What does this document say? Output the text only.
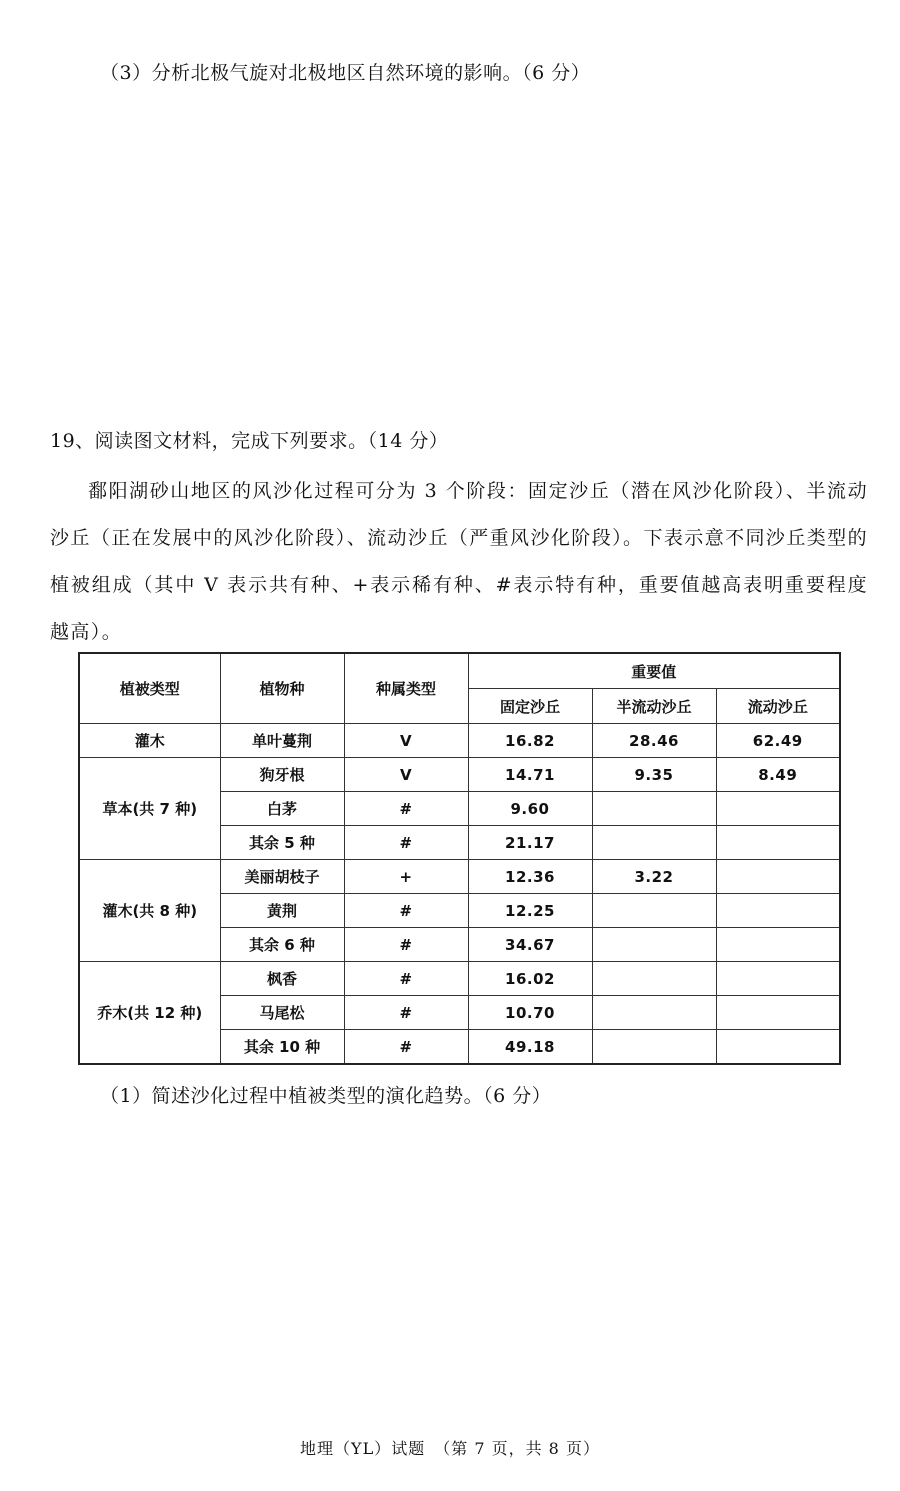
（3）分析北极气旋对北极地区自然环境的影响。（6 分）
19、阅读图文材料，完成下列要求。（14 分）
鄱阳湖砂山地区的风沙化过程可分为 3 个阶段：固定沙丘（潜在风沙化阶段）、半流动沙丘（正在发展中的风沙化阶段）、流动沙丘（严重风沙化阶段）。下表示意不同沙丘类型的植被组成（其中 V 表示共有种、+表示稀有种、#表示特有种，重要值越高表明重要程度越高）。
植被类型	植物种	种属类型	重要值		
			固定沙丘	半流动沙丘	流动沙丘
灌木	单叶蔓荆	V	16.82	28.46	62.49
草本(共 7 种)	狗牙根	V	14.71	9.35	8.49
	白茅	#	9.60		
	其余 5 种	#	21.17		
灌木(共 8 种)	美丽胡枝子	+	12.36	3.22	
	黄荆	#	12.25		
	其余 6 种	#	34.67		
乔木(共 12 种)	枫香	#	16.02		
	马尾松	#	10.70		
	其余 10 种	#	49.18		
（1）简述沙化过程中植被类型的演化趋势。（6 分）
地理（YL）试题　（第 7 页，共 8 页）
